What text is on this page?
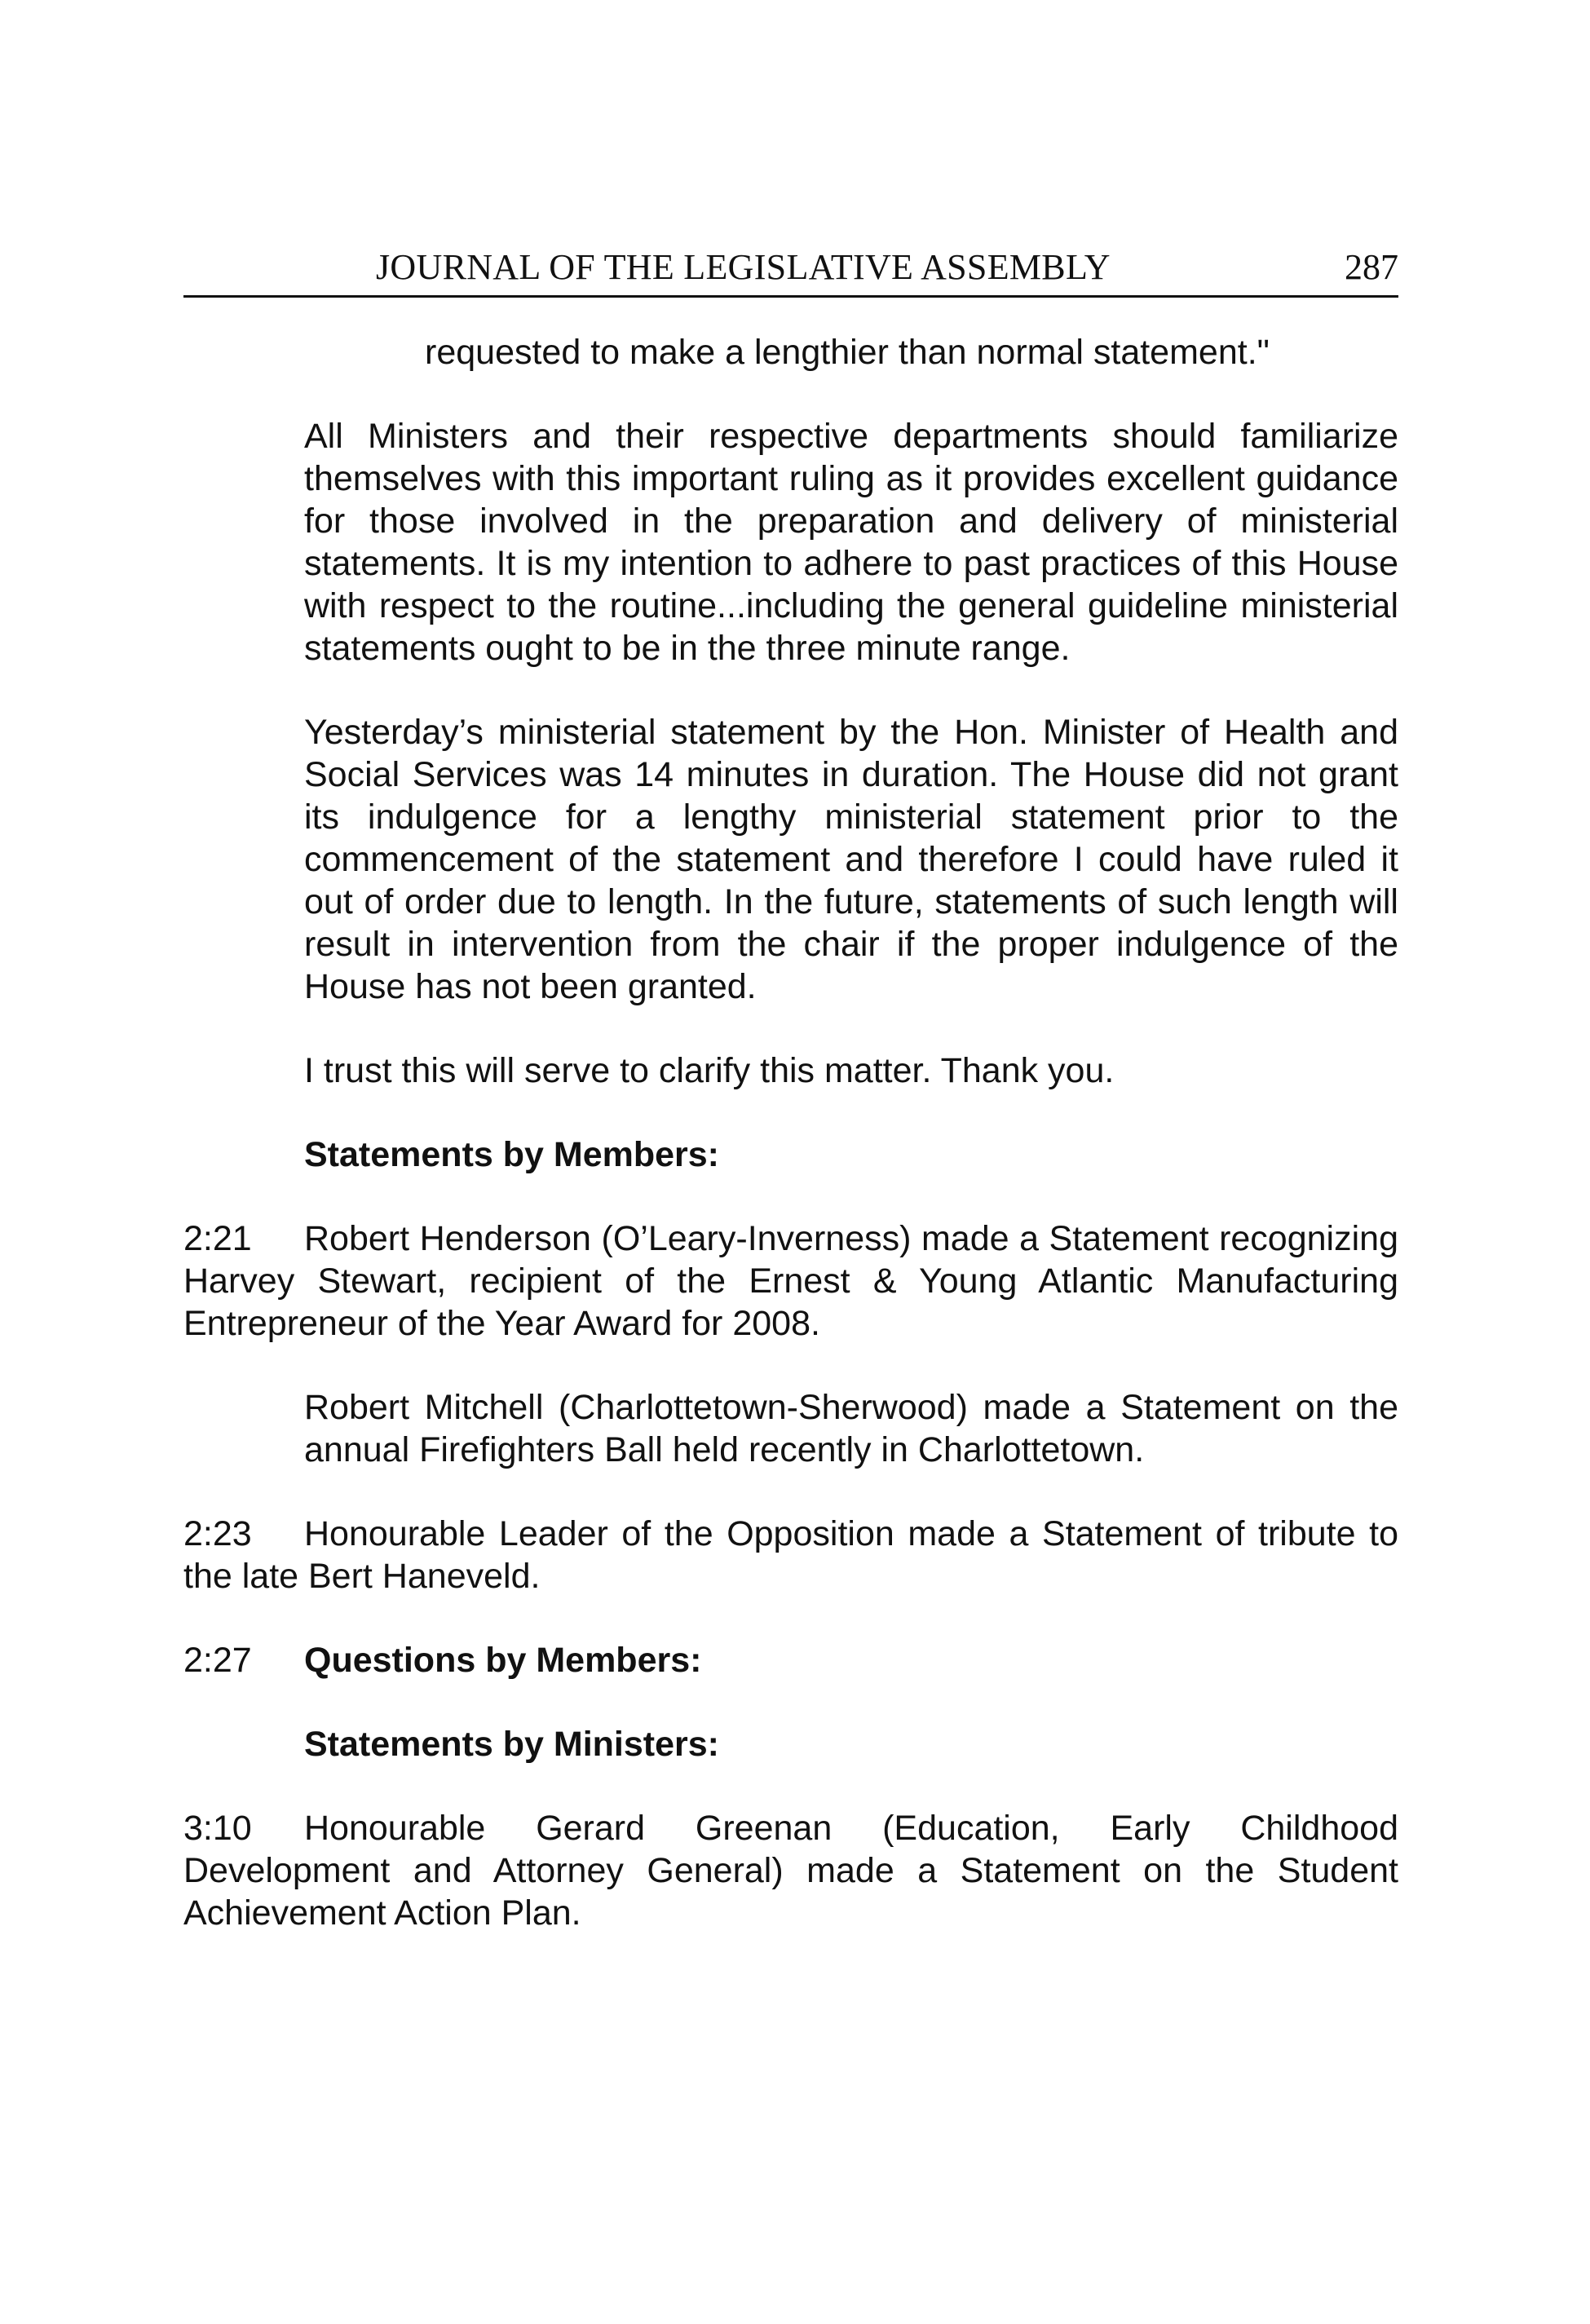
JOURNAL OF THE LEGISLATIVE ASSEMBLY	287

requested to make a lengthier than normal statement."

All Ministers and their respective departments should familiarize themselves with this important ruling as it provides excellent guidance for those involved in the preparation and delivery of ministerial statements. It is my intention to adhere to past practices of this House with respect to the routine...including the general guideline ministerial statements ought to be in the three minute range.

Yesterday’s ministerial statement by the Hon. Minister of Health and Social Services was 14 minutes in duration. The House did not grant its indulgence for a lengthy ministerial statement prior to the commencement of the statement and therefore I could have ruled it out of order due to length. In the future, statements of such length will result in intervention from the chair if the proper indulgence of the House has not been granted.

I trust this will serve to clarify this matter. Thank you.

Statements by Members:

2:21 Robert Henderson (O’Leary-Inverness) made a Statement recognizing Harvey Stewart, recipient of the Ernest & Young Atlantic Manufacturing Entrepreneur of the Year Award for 2008.

Robert Mitchell (Charlottetown-Sherwood) made a Statement on the annual Firefighters Ball held recently in Charlottetown.

2:23 Honourable Leader of the Opposition made a Statement of tribute to the late Bert Haneveld.

2:27 Questions by Members:

Statements by Ministers:

3:10 Honourable Gerard Greenan (Education, Early Childhood Development and Attorney General) made a Statement on the Student Achievement Action Plan.
